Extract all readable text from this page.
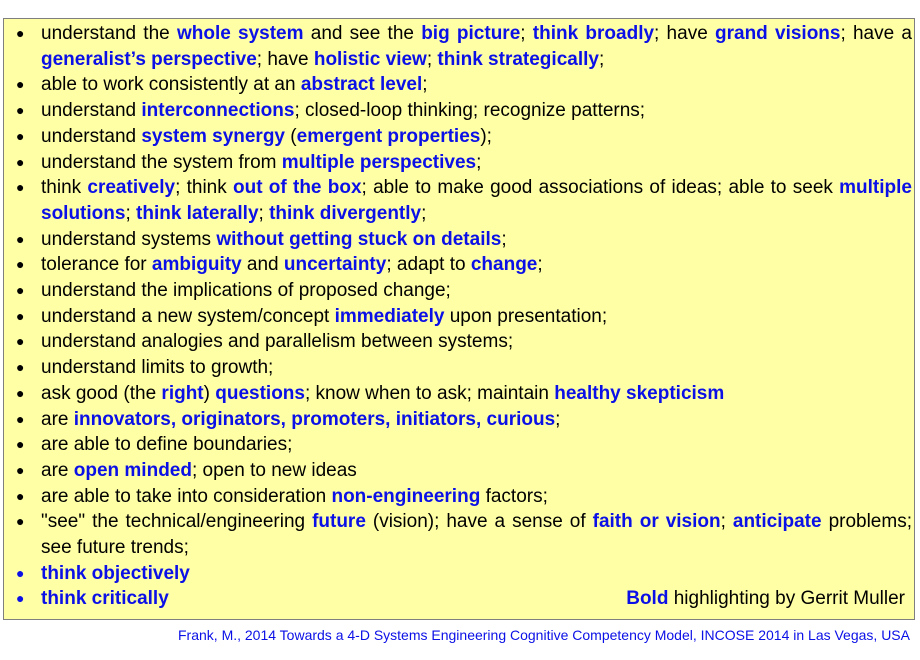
● understand the whole system and see the big picture; think broadly; have grand visions; have a generalist’s perspective; have holistic view; think strategically;
● able to work consistently at an abstract level;
● understand interconnections; closed-loop thinking; recognize patterns;
● understand system synergy (emergent properties);
● understand the system from multiple perspectives;
● think creatively; think out of the box; able to make good associations of ideas; able to seek multiple solutions; think laterally; think divergently;
● understand systems without getting stuck on details;
● tolerance for ambiguity and uncertainty; adapt to change;
● understand the implications of proposed change;
● understand a new system/concept immediately upon presentation;
● understand analogies and parallelism between systems;
● understand limits to growth;
● ask good (the right) questions; know when to ask; maintain healthy skepticism
● are innovators, originators, promoters, initiators, curious;
● are able to define boundaries;
● are open minded; open to new ideas
● are able to take into consideration non-engineering factors;
● "see" the technical/engineering future (vision); have a sense of faith or vision; anticipate problems; see future trends;
● think objectively
● think critically	Bold highlighting by Gerrit Muller
Frank, M., 2014 Towards a 4-D Systems Engineering Cognitive Competency Model, INCOSE 2014 in Las Vegas, USA
